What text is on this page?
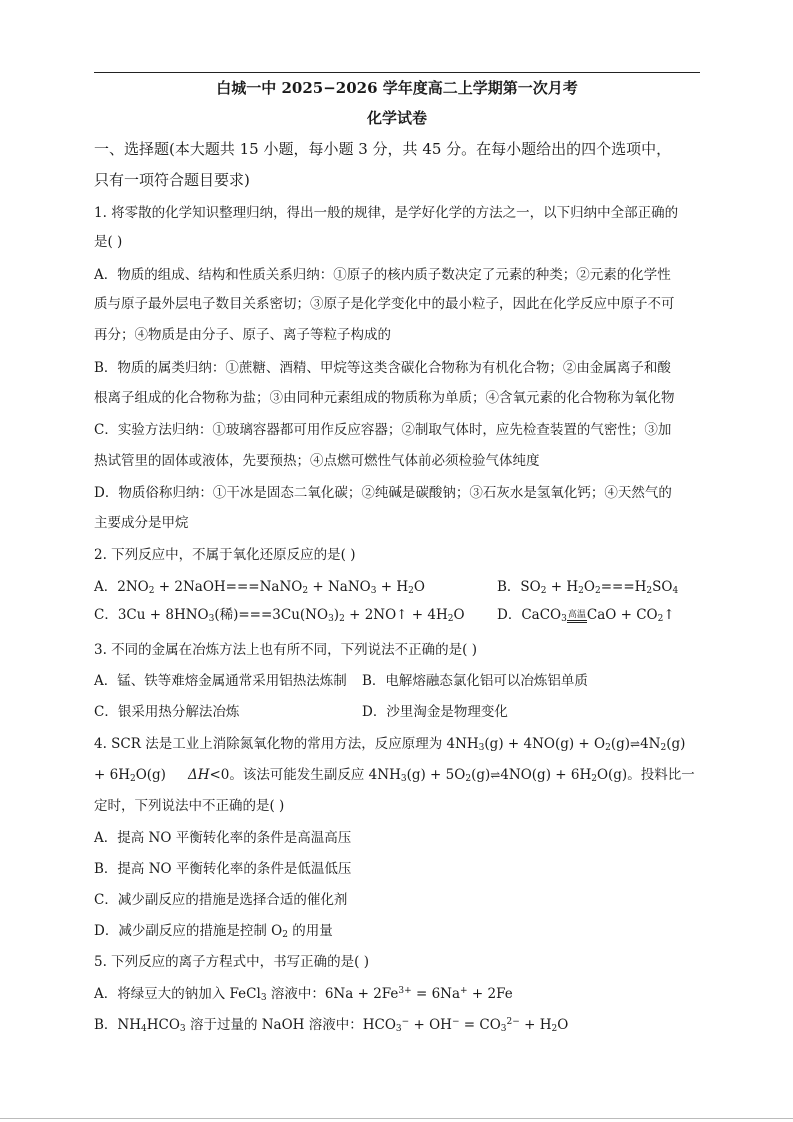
白城一中 2025−2026 学年度高二上学期第一次月考
化学试卷
一、选择题(本大题共 15 小题，每小题 3 分，共 45 分。在每小题给出的四个选项中，
只有一项符合题目要求)
1. 将零散的化学知识整理归纳，得出一般的规律，是学好化学的方法之一，以下归纳中全部正确的
是( )
A．物质的组成、结构和性质关系归纳：①原子的核内质子数决定了元素的种类；②元素的化学性
质与原子最外层电子数目关系密切；③原子是化学变化中的最小粒子，因此在化学反应中原子不可
再分；④物质是由分子、原子、离子等粒子构成的
B．物质的属类归纳：①蔗糖、酒精、甲烷等这类含碳化合物称为有机化合物；②由金属离子和酸
根离子组成的化合物称为盐；③由同种元素组成的物质称为单质；④含氧元素的化合物称为氧化物
C．实验方法归纳：①玻璃容器都可用作反应容器；②制取气体时，应先检查装置的气密性；③加
热试管里的固体或液体，先要预热；④点燃可燃性气体前必须检验气体纯度
D．物质俗称归纳：①干冰是固态二氧化碳；②纯碱是碳酸钠；③石灰水是氢氧化钙；④天然气的
主要成分是甲烷
2. 下列反应中，不属于氧化还原反应的是( )
A．$2NO_2$ + 2NaOH===NaNO$_2$ + NaNO$_3$ + $H_2O$	B．$SO_2 + H_2O_2===H_2SO_4$
C．$3Cu + 8HNO_3$(稀)$===3Cu(NO_3)_2$ + 2NO↑ + $4H_2O$ D．CaCO$_3$高温CaO + $CO_2↑$
3. 不同的金属在冶炼方法上也有所不同，下列说法不正确的是( )
A．锰、铁等难熔金属通常采用铝热法炼制 B．电解熔融态氯化铝可以冶炼铝单质
C．银采用热分解法冶炼	D．沙里淘金是物理变化
4. SCR 法是工业上消除氮氧化物的常用方法，反应原理为 $4NH_3(g) + 4NO(g)$ + $O_2(g)\rightleftharpoons 4N_2(g)$
+ $6H_2O(g)$ ΔH<0。该法可能发生副反应 $4NH_3(g)$ + $5O_2(g)\rightleftharpoons 4NO(g) + 6H_2O(g)$。投料比一
定时，下列说法中不正确的是( )
A．提高 NO 平衡转化率的条件是高温高压
B．提高 NO 平衡转化率的条件是低温低压
C．减少副反应的措施是选择合适的催化剂
D．减少副反应的措施是控制 $O_2$ 的用量
5. 下列反应的离子方程式中，书写正确的是( )
A．将绿豆大的钠加入 FeCl$_3$ 溶液中：$6Na + 2Fe^{3+} = 6Na^+ + 2Fe$
B．$NH_4HCO_3$ 溶于过量的 NaOH 溶液中：$HCO_3^- + OH^- = CO_3^{2-} + H_2O$
